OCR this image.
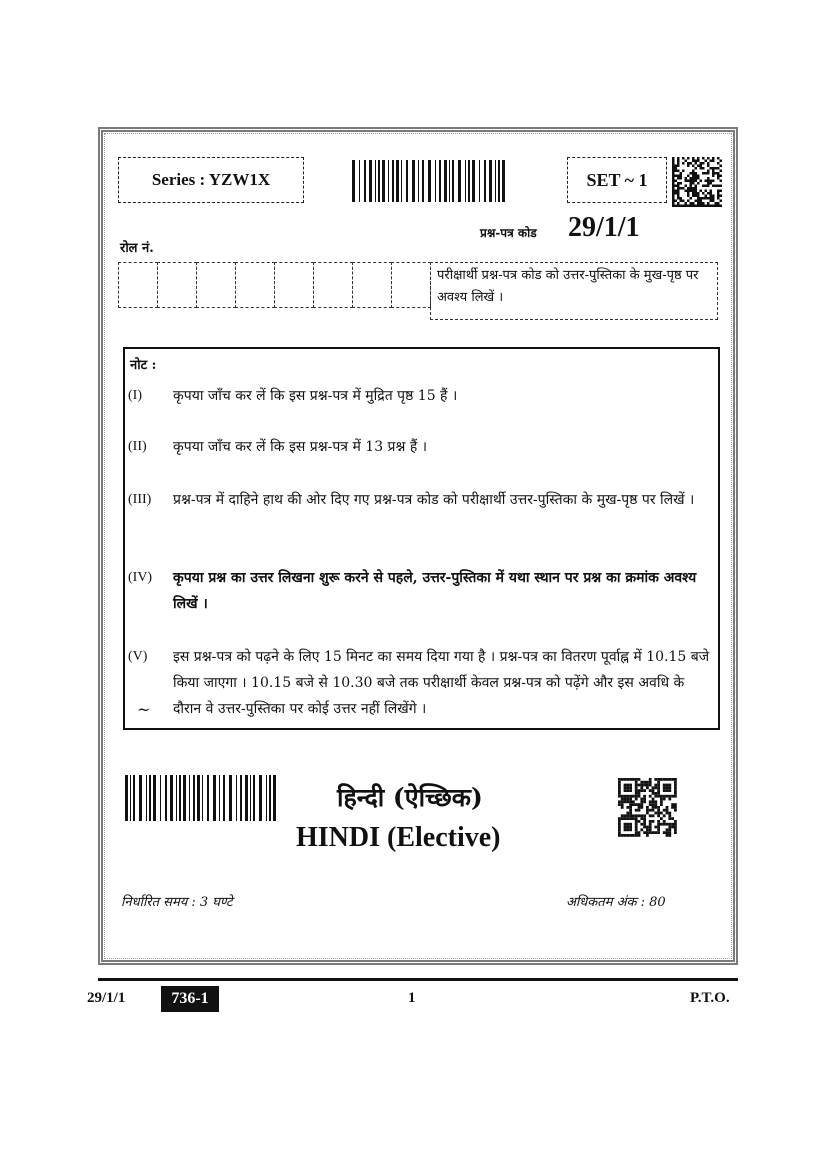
Series : YZW1X	SET ~ 1
प्रश्न-पत्र कोड 29/1/1
रोल नं.
परीक्षार्थी प्रश्न-पत्र कोड को उत्तर-पुस्तिका के मुख-पृष्ठ पर अवश्य लिखें ।
नोट :
(I) कृपया जाँच कर लें कि इस प्रश्न-पत्र में मुद्रित पृष्ठ 15 हैं ।
(II) कृपया जाँच कर लें कि इस प्रश्न-पत्र में 13 प्रश्न हैं ।
(III) प्रश्न-पत्र में दाहिने हाथ की ओर दिए गए प्रश्न-पत्र कोड को परीक्षार्थी उत्तर-पुस्तिका के मुख-पृष्ठ पर लिखें ।
(IV) कृपया प्रश्न का उत्तर लिखना शुरू करने से पहले, उत्तर-पुस्तिका में यथा स्थान पर प्रश्न का क्रमांक अवश्य लिखें ।
(V) इस प्रश्न-पत्र को पढ़ने के लिए 15 मिनट का समय दिया गया है । प्रश्न-पत्र का वितरण पूर्वाह्न में 10.15 बजे किया जाएगा । 10.15 बजे से 10.30 बजे तक परीक्षार्थी केवल प्रश्न-पत्र को पढ़ेंगे और इस अवधि के दौरान वे उत्तर-पुस्तिका पर कोई उत्तर नहीं लिखेंगे ।
~
हिन्दी (ऐच्छिक)
HINDI (Elective)
निर्धारित समय : 3 घण्टे	अधिकतम अंक : 80
29/1/1	736-1	1	P.T.O.
